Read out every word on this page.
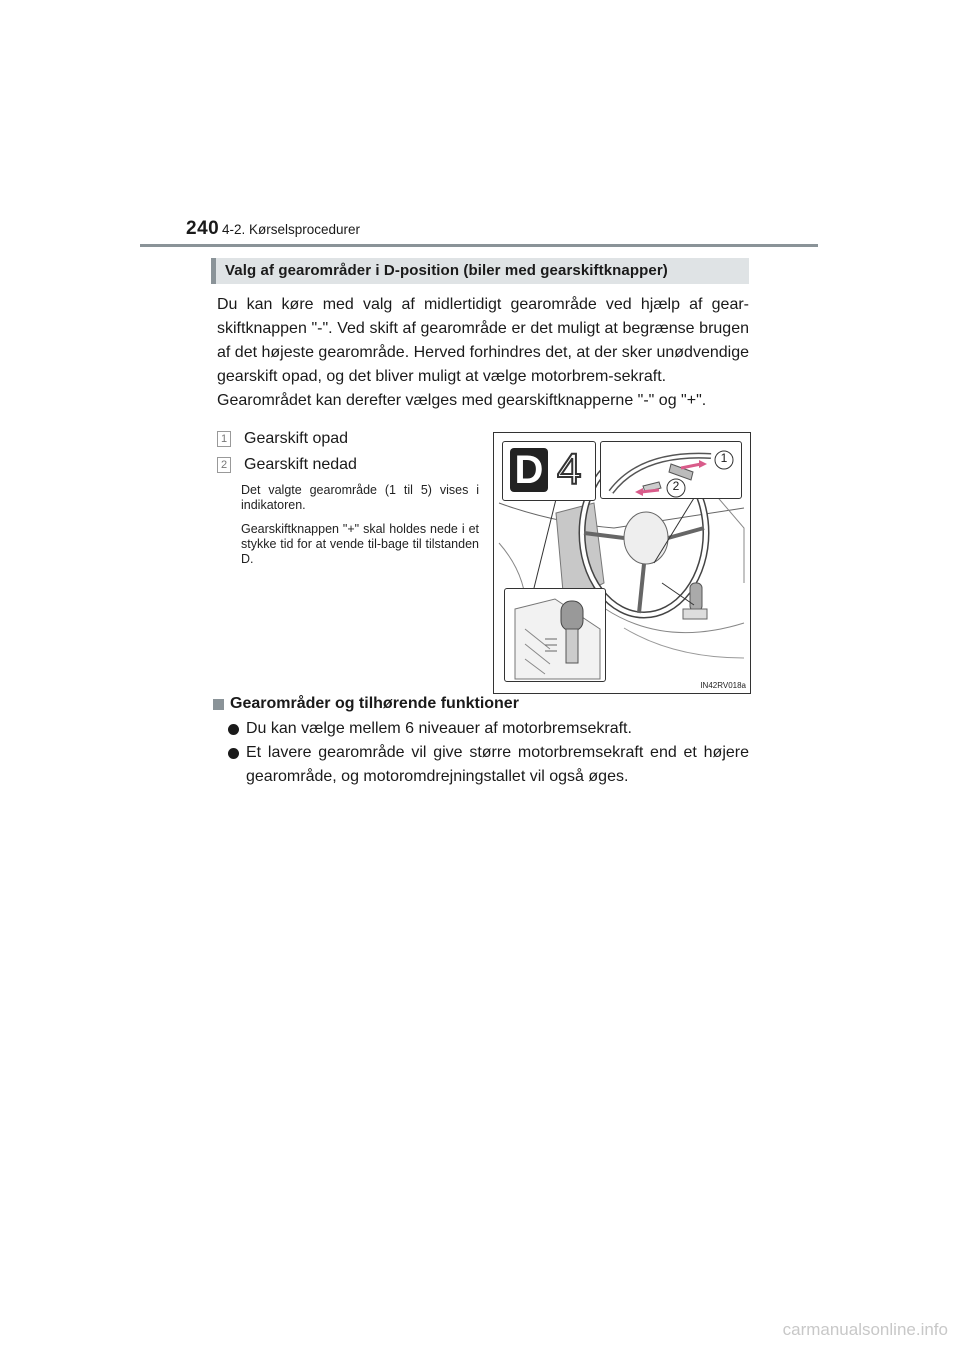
240 4-2. Kørselsprocedurer
Valg af gearområder i D-position (biler med gearskiftknapper)

Du kan køre med valg af midlertidigt gearområde ved hjælp af gear-skiftknappen "-". Ved skift af gearområde er det muligt at begrænse brugen af det højeste gearområde. Herved forhindres det, at der sker unødvendige gearskift opad, og det bliver muligt at vælge motorbrem-sekraft.

Gearområdet kan derefter vælges med gearskiftknapperne "-" og "+".

1 Gearskift opad
2 Gearskift nedad
Det valgte gearområde (1 til 5) vises i indikatoren.
Gearskiftknappen "+" skal holdes nede i et stykke tid for at vende til-bage til tilstanden D.
D 4	1
2
IN42RV018a
Gearområder og tilhørende funktioner
Du kan vælge mellem 6 niveauer af motorbremsekraft.
Et lavere gearområde vil give større motorbremsekraft end et højere gearområde, og motoromdrejningstallet vil også øges.
carmanualsonline.info
